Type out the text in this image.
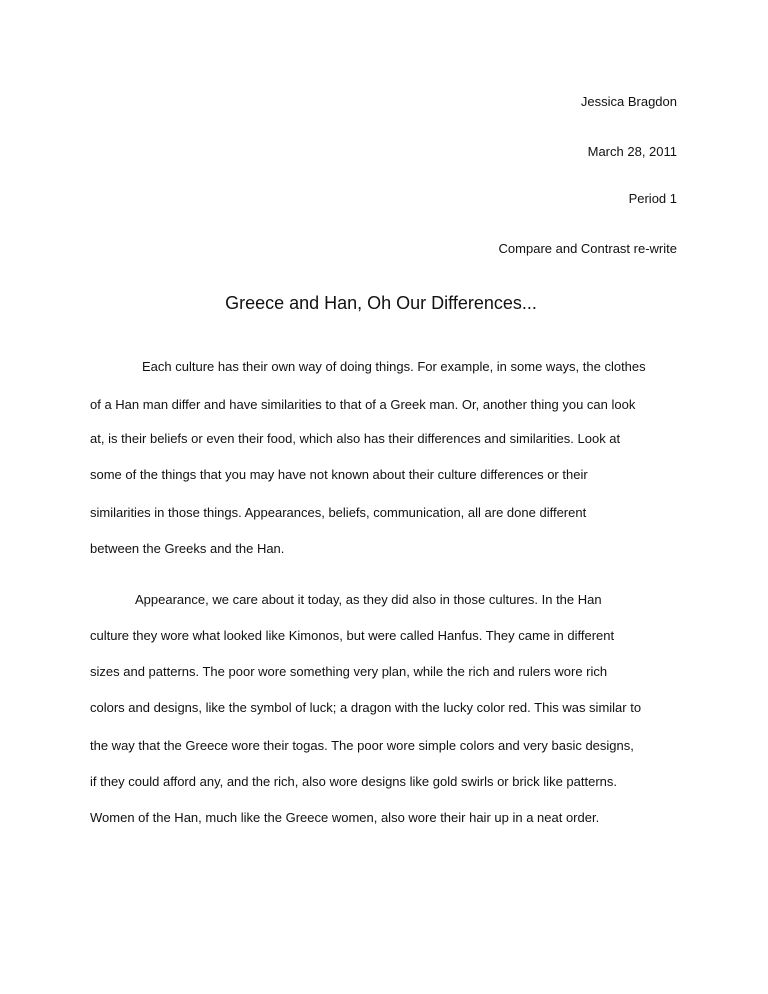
Jessica Bragdon
March 28, 2011
Period 1
Compare and Contrast re-write
Greece and Han, Oh Our Differences...
Each culture has their own way of doing things. For example, in some ways, the clothes
of a Han man differ and have similarities to that of a Greek man. Or, another thing you can look
at, is their beliefs or even their food, which also has their differences and similarities. Look at
some of the things that you may have not known about their culture differences or their
similarities in those things. Appearances, beliefs, communication, all are done different
between the Greeks and the Han.
Appearance, we care about it today, as they did also in those cultures. In the Han
culture they wore what looked like Kimonos, but were called Hanfus. They came in different
sizes and patterns. The poor wore something very plan, while the rich and rulers wore rich
colors and designs, like the symbol of luck; a dragon with the lucky color red. This was similar to
the way that the Greece wore their togas. The poor wore simple colors and very basic designs,
if they could afford any, and the rich, also wore designs like gold swirls or brick like patterns.
Women of the Han, much like the Greece women, also wore their hair up in a neat order.
